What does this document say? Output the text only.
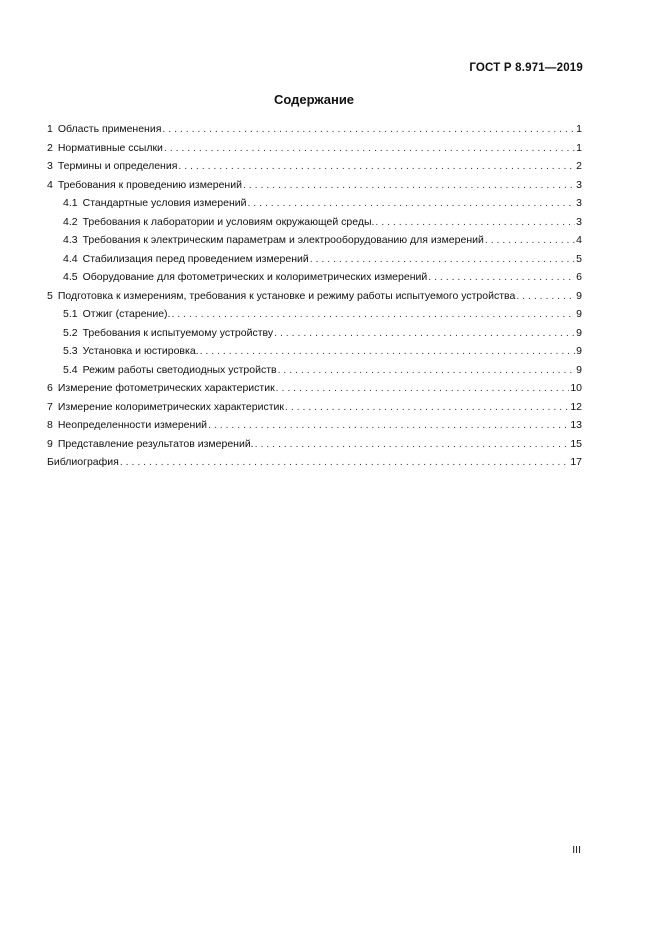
ГОСТ Р 8.971—2019
Содержание
1 Область применения . . .	1
2 Нормативные ссылки . . .	1
3 Термины и определения . . .	2
4 Требования к проведению измерений . . .	3
4.1 Стандартные условия измерений . . .	3
4.2 Требования к лаборатории и условиям окружающей среды. . . .	3
4.3 Требования к электрическим параметрам и электрооборудованию для измерений . . .	4
4.4 Стабилизация перед проведением измерений . . .	5
4.5 Оборудование для фотометрических и колориметрических измерений . . .	6
5 Подготовка к измерениям, требования к установке и режиму работы испытуемого устройства . . .	9
5.1 Отжиг (старение). . . .	9
5.2 Требования к испытуемому устройству . . .	9
5.3 Установка и юстировка. . . .	9
5.4 Режим работы светодиодных устройств . . .	9
6 Измерение фотометрических характеристик . . .	10
7 Измерение колориметрических характеристик . . .	12
8 Неопределенности измерений . . .	13
9 Представление результатов измерений. . . .	15
Библиография . . .	17
III
